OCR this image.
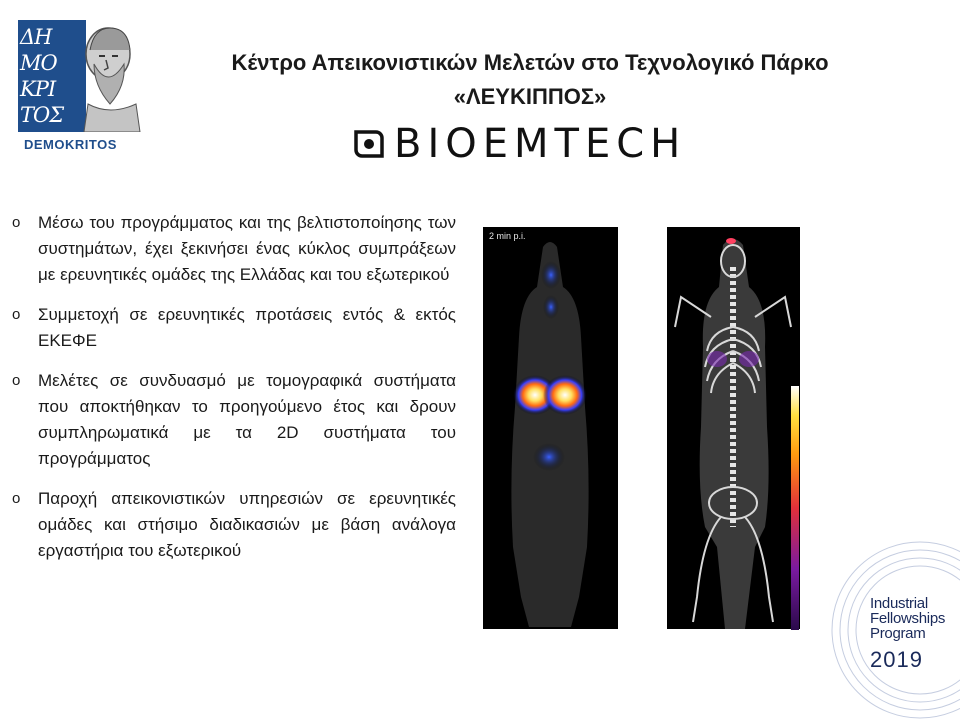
ΔΗ
ΜΟ
ΚΡΙ
ΤΟΣ
DEMOKRITOS
Κέντρο Απεικονιστικών Μελετών στο Τεχνολογικό Πάρκο
«ΛΕΥΚΙΠΠΟΣ»
BIOEMTECH
o Μέσω του προγράμματος και της βελτιστοποίησης των συστημάτων, έχει ξεκινήσει ένας κύκλος συμπράξεων με ερευνητικές ομάδες της Ελλάδας και του εξωτερικού
o Συμμετοχή σε ερευνητικές προτάσεις εντός & εκτός ΕΚΕΦΕ
o Μελέτες σε συνδυασμό με τομογραφικά συστήματα που αποκτήθηκαν το προηγούμενο έτος και δρουν συμπληρωματικά με τα 2D συστήματα του προγράμματος
o Παροχή απεικονιστικών υπηρεσιών σε ερευνητικές ομάδες και στήσιμο διαδικασιών με βάση ανάλογα εργαστήρια του εξωτερικού
2 min p.i.
Industrial
Fellowships
Program
2019
